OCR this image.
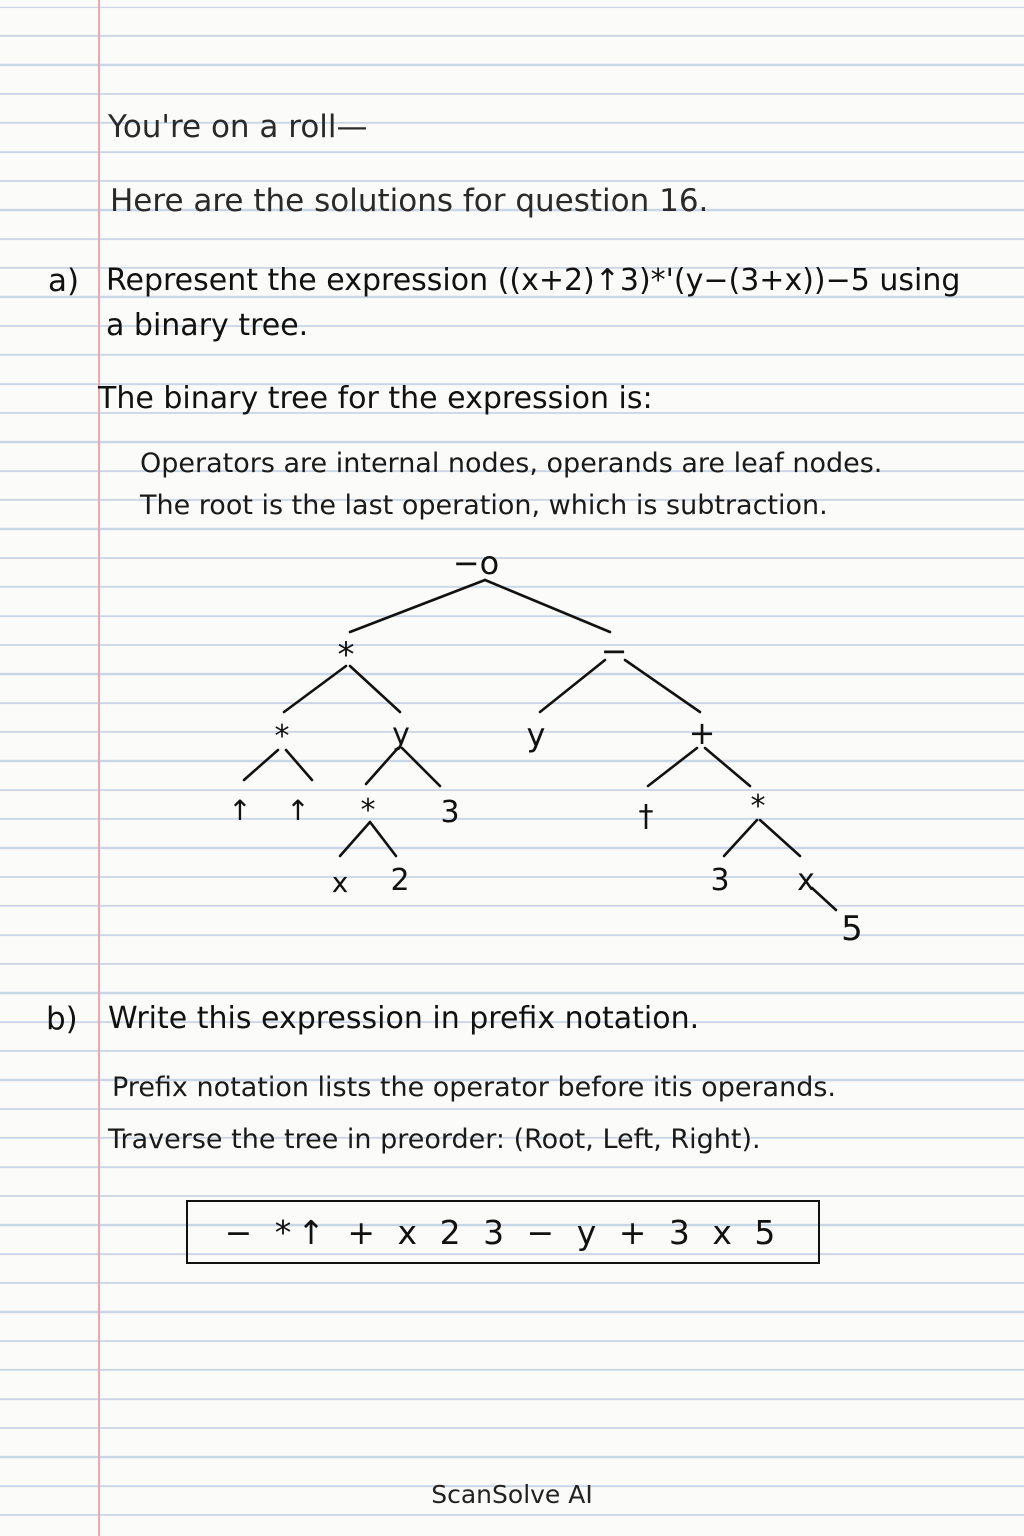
You're on a roll—

Here are the solutions for question 16.

a) Represent the expression ((x+2)↑3)*'(y−(3+x))−5 using

a binary tree.

The binary tree for the expression is:

Operators are internal nodes, operands are leaf nodes.

The root is the last operation, which is subtraction.

−o
*	−
*	y	y	+
↑ ↑ * 3	†	*
x 2	3 x
5

b) Write this expression in prefix notation.

Prefix notation lists the operator before itis operands.

Traverse the tree in preorder: (Root, Left, Right).

− *↑ + x 2 3 − y + 3 x 5
ScanSolve AI
